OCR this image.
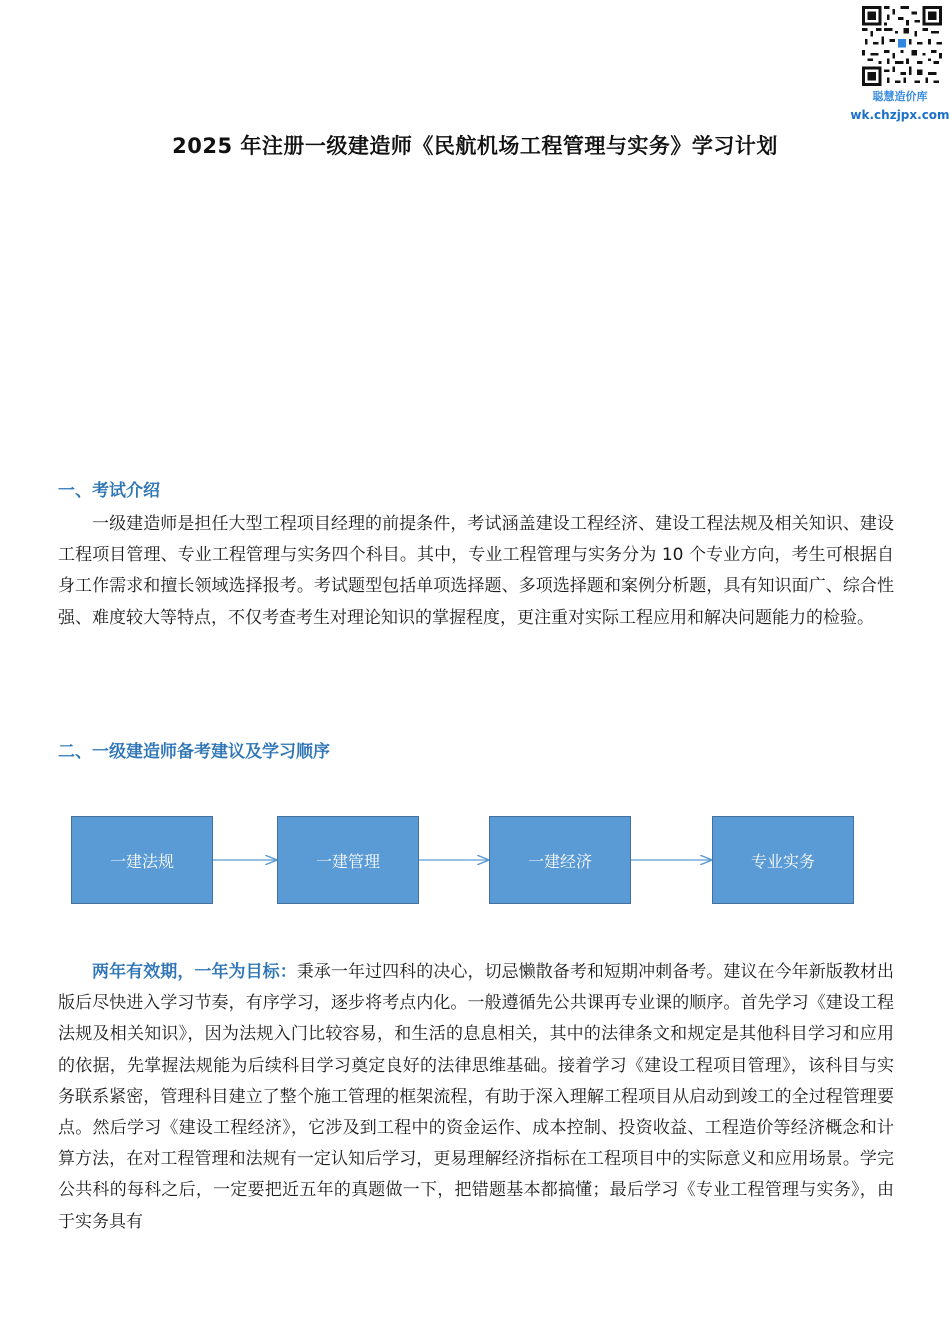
聪慧造价库
wk.chzjpx.com
2025 年注册一级建造师《民航机场工程管理与实务》学习计划
一、考试介绍

一级建造师是担任大型工程项目经理的前提条件，考试涵盖建设工程经济、建设工程法规及相关知识、建设工程项目管理、专业工程管理与实务四个科目。其中，专业工程管理与实务分为 10 个专业方向，考生可根据自身工作需求和擅长领域选择报考。考试题型包括单项选择题、多项选择题和案例分析题，具有知识面广、综合性强、难度较大等特点，不仅考查考生对理论知识的掌握程度，更注重对实际工程应用和解决问题能力的检验。

二、一级建造师备考建议及学习顺序
一建法规	一建管理	一建经济	专业实务

两年有效期，一年为目标：秉承一年过四科的决心，切忌懒散备考和短期冲刺备考。建议在今年新版教材出版后尽快进入学习节奏，有序学习，逐步将考点内化。一般遵循先公共课再专业课的顺序。首先学习《建设工程法规及相关知识》，因为法规入门比较容易，和生活的息息相关，其中的法律条文和规定是其他科目学习和应用的依据，先掌握法规能为后续科目学习奠定良好的法律思维基础。接着学习《建设工程项目管理》，该科目与实务联系紧密，管理科目建立了整个施工管理的框架流程，有助于深入理解工程项目从启动到竣工的全过程管理要点。然后学习《建设工程经济》，它涉及到工程中的资金运作、成本控制、投资收益、工程造价等经济概念和计算方法，在对工程管理和法规有一定认知后学习，更易理解经济指标在工程项目中的实际意义和应用场景。学完公共科的每科之后，一定要把近五年的真题做一下，把错题基本都搞懂；最后学习《专业工程管理与实务》，由于实务具有
